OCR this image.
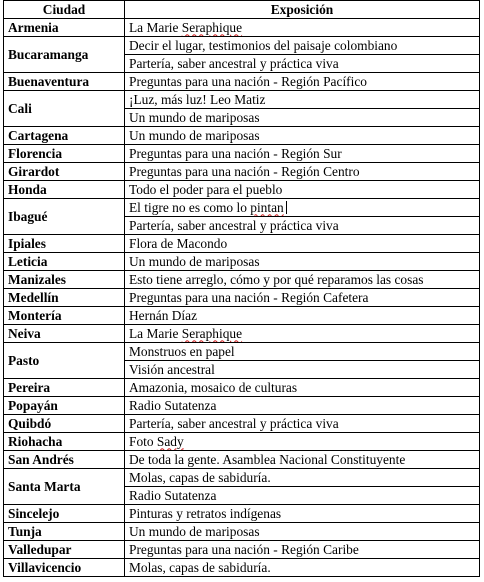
Ciudad	Exposición
Armenia	La Marie Seraphique
Bucaramanga	Decir el lugar, testimonios del paisaje colombiano
	Partería, saber ancestral y práctica viva
Buenaventura	Preguntas para una nación - Región Pacífico
Cali	¡Luz, más luz! Leo Matiz
	Un mundo de mariposas
Cartagena	Un mundo de mariposas
Florencia	Preguntas para una nación - Región Sur
Girardot	Preguntas para una nación - Región Centro
Honda	Todo el poder para el pueblo
Ibagué	El tigre no es como lo pintan
	Partería, saber ancestral y práctica viva
Ipiales	Flora de Macondo
Leticia	Un mundo de mariposas
Manizales	Esto tiene arreglo, cómo y por qué reparamos las cosas
Medellín	Preguntas para una nación - Región Cafetera
Montería	Hernán Díaz
Neiva	La Marie Seraphique
Pasto	Monstruos en papel
	Visión ancestral
Pereira	Amazonia, mosaico de culturas
Popayán	Radio Sutatenza
Quibdó	Partería, saber ancestral y práctica viva
Riohacha	Foto Sady
San Andrés	De toda la gente. Asamblea Nacional Constituyente
Santa Marta	Molas, capas de sabiduría.
	Radio Sutatenza
Sincelejo	Pinturas y retratos indígenas
Tunja	Un mundo de mariposas
Valledupar	Preguntas para una nación - Región Caribe
Villavicencio	Molas, capas de sabiduría.
